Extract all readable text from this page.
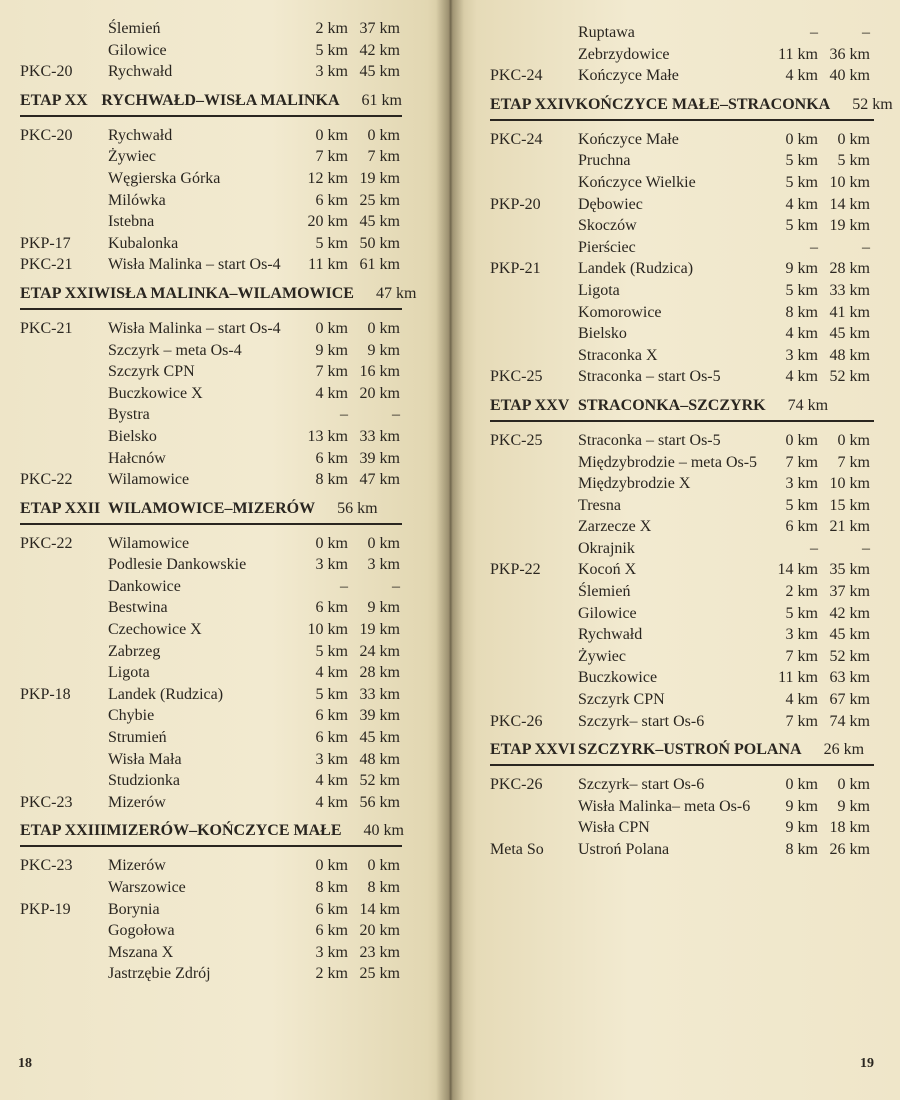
Ślemień	2 km 37 km
Gilowice	5 km 42 km
PKC-20	Rychwałd	3 km 45 km
ETAP XX RYCHWAŁD–WISŁA MALINKA 61 km
PKC-20	Rychwałd	0 km	0 km
Żywiec	7 km	7 km
Węgierska Górka	12 km 19 km
Milówka	6 km 25 km
Istebna	20 km 45 km
PKP-17	Kubalonka	5 km 50 km
PKC-21	Wisła Malinka – start Os-4	11 km 61 km
ETAP XXI WISŁA MALINKA–WILAMOWICE 47 km
PKC-21	Wisła Malinka – start Os-4	0 km	0 km
Szczyrk – meta Os-4	9 km	9 km
Szczyrk CPN	7 km 16 km
Buczkowice X	4 km 20 km
Bystra	–	–
Bielsko	13 km 33 km
Hałcnów	6 km 39 km
PKC-22	Wilamowice	8 km 47 km
ETAP XXII WILAMOWICE–MIZERÓW 56 km
PKC-22	Wilamowice	0 km	0 km
Podlesie Dankowskie	3 km	3 km
Dankowice	–	–
Bestwina	6 km	9 km
Czechowice X	10 km 19 km
Zabrzeg	5 km 24 km
Ligota	4 km 28 km
PKP-18	Landek (Rudzica)	5 km 33 km
Chybie	6 km 39 km
Strumień	6 km 45 km
Wisła Mała	3 km 48 km
Studzionka	4 km 52 km
PKC-23	Mizerów	4 km 56 km
ETAP XXIII MIZERÓW–KOŃCZYCE MAŁE 40 km
PKC-23	Mizerów	0 km	0 km
Warszowice	8 km	8 km
PKP-19	Borynia	6 km 14 km
Gogołowa	6 km 20 km
Mszana X	3 km 23 km
Jastrzębie Zdrój	2 km 25 km
18
Ruptawa	–	–
Zebrzydowice	11 km 36 km
PKC-24	Kończyce Małe	4 km 40 km
ETAP XXIV KOŃCZYCE MAŁE–STRACONKA 52 km
PKC-24	Kończyce Małe	0 km	0 km
Pruchna	5 km	5 km
Kończyce Wielkie	5 km 10 km
PKP-20	Dębowiec	4 km 14 km
Skoczów	5 km 19 km
Pierściec	–	–
PKP-21	Landek (Rudzica)	9 km 28 km
Ligota	5 km 33 km
Komorowice	8 km 41 km
Bielsko	4 km 45 km
Straconka X	3 km 48 km
PKC-25	Straconka – start Os-5	4 km 52 km
ETAP XXV STRACONKA–SZCZYRK 74 km
PKC-25	Straconka – start Os-5	0 km	0 km
Międzybrodzie – meta Os-5	7 km	7 km
Międzybrodzie X	3 km 10 km
Tresna	5 km 15 km
Zarzecze X	6 km 21 km
Okrajnik	–	–
PKP-22	Kocoń X	14 km 35 km
Ślemień	2 km 37 km
Gilowice	5 km 42 km
Rychwałd	3 km 45 km
Żywiec	7 km 52 km
Buczkowice	11 km 63 km
Szczyrk CPN	4 km 67 km
PKC-26	Szczyrk– start Os-6	7 km 74 km
ETAP XXVI SZCZYRK–USTROŃ POLANA 26 km
PKC-26	Szczyrk– start Os-6	0 km	0 km
Wisła Malinka– meta Os-6	9 km	9 km
Wisła CPN	9 km 18 km
Meta So	Ustroń Polana	8 km 26 km
19
